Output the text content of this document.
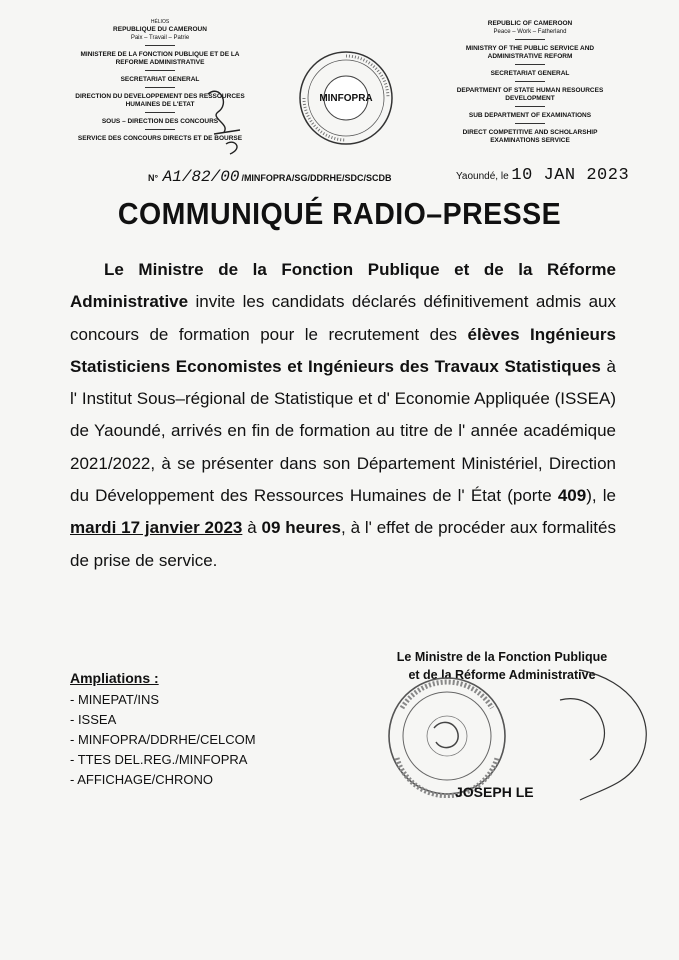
HÉLIOS
REPUBLIQUE DU CAMEROUN
Paix – Travail – Patrie
MINISTERE DE LA FONCTION PUBLIQUE ET DE LA REFORME ADMINISTRATIVE
SECRETARIAT GENERAL
DIRECTION DU DEVELOPPEMENT DES RESSOURCES HUMAINES DE L'ETAT
SOUS – DIRECTION DES CONCOURS
SERVICE DES CONCOURS DIRECTS ET DE BOURSE
MINFOPRA
REPUBLIC OF CAMEROON
Peace – Work – Fatherland
MINISTRY OF THE PUBLIC SERVICE AND ADMINISTRATIVE REFORM
SECRETARIAT GENERAL
DEPARTMENT OF STATE HUMAN RESOURCES DEVELOPMENT
SUB DEPARTMENT OF EXAMINATIONS
DIRECT COMPETITIVE AND SCHOLARSHIP EXAMINATIONS SERVICE
N° A1/82/00 /MINFOPRA/SG/DDRHE/SDC/SCDB	Yaoundé, le 10 JAN 2023
COMMUNIQUÉ RADIO–PRESSE
Le Ministre de la Fonction Publique et de la Réforme Administrative invite les candidats déclarés définitivement admis aux concours de formation pour le recrutement des élèves Ingénieurs Statisticiens Economistes et Ingénieurs des Travaux Statistiques à l' Institut Sous–régional de Statistique et d' Economie Appliquée (ISSEA) de Yaoundé, arrivés en fin de formation au titre de l' année académique 2021/2022, à se présenter dans son Département Ministériel, Direction du Développement des Ressources Humaines de l' État (porte 409), le mardi 17 janvier 2023 à 09 heures, à l' effet de procéder aux formalités de prise de service.
Ampliations :
- MINEPAT/INS
- ISSEA
- MINFOPRA/DDRHE/CELCOM
- TTES DEL.REG./MINFOPRA
- AFFICHAGE/CHRONO
Le Ministre de la Fonction Publique
et de la Réforme Administrative
JOSEPH LE
